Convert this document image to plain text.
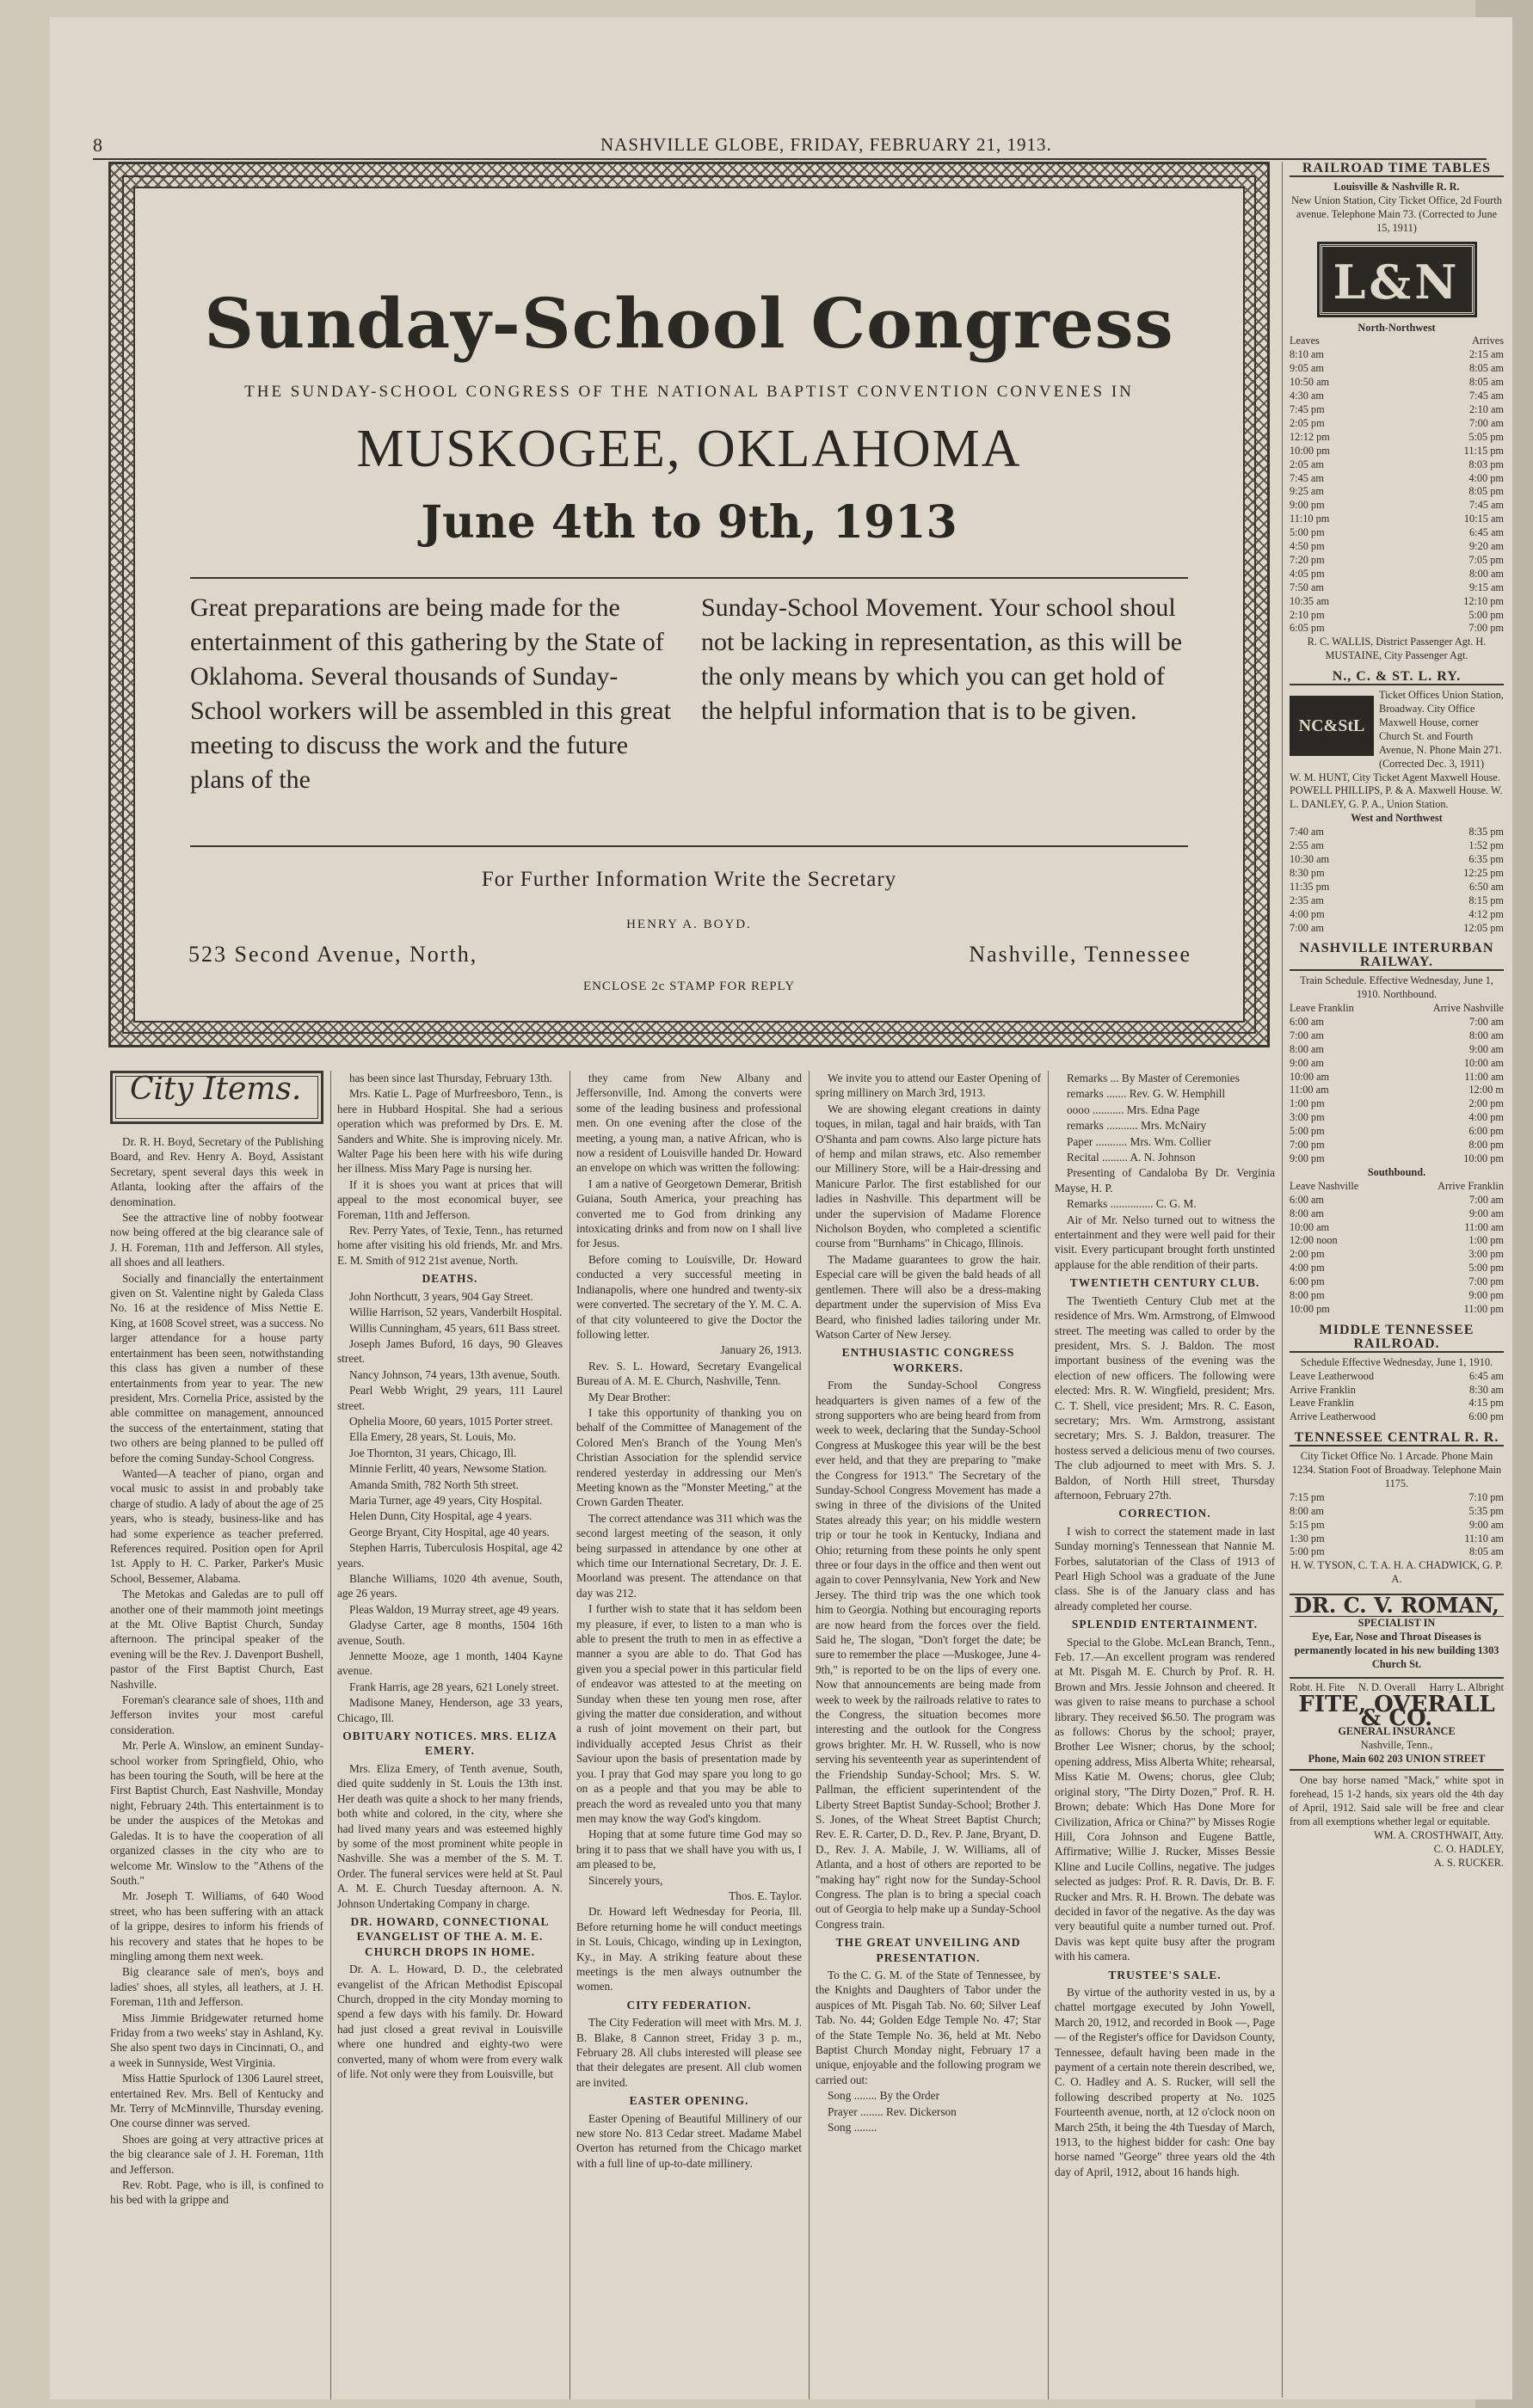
8	NASHVILLE GLOBE, FRIDAY, FEBRUARY 21, 1913.
Sunday-School Congress
THE SUNDAY-SCHOOL CONGRESS OF THE NATIONAL BAPTIST CONVENTION CONVENES IN
MUSKOGEE, OKLAHOMA
June 4th to 9th, 1913
Great preparations are being made for the entertainment of this gathering by the State of Oklahoma. Several thousands of Sunday-School workers will be assembled in this great meeting to discuss the work and the future plans of the
Sunday-School Movement. Your school shoul not be lacking in representation, as this will be the only means by which you can get hold of the helpful information that is to be given.
For Further Information Write the Secretary
HENRY A. BOYD.
523 Second Avenue, North,	Nashville, Tennessee
ENCLOSE 2c STAMP FOR REPLY
City Items.

Dr. R. H. Boyd, Secretary of the Publishing Board, and Rev. Henry A. Boyd, Assistant Secretary, spent several days this week in Atlanta, looking after the affairs of the denomination.

See the attractive line of nobby footwear now being offered at the big clearance sale of J. H. Foreman, 11th and Jefferson. All styles, all shoes and all leathers.

Socially and financially the entertainment given on St. Valentine night by Galeda Class No. 16 at the residence of Miss Nettie E. King, at 1608 Scovel street, was a success. No larger attendance for a house party entertainment has been seen, notwithstanding this class has given a number of these entertainments from year to year. The new president, Mrs. Cornelia Price, assisted by the able committee on management, announced the success of the entertainment, stating that two others are being planned to be pulled off before the coming Sunday-School Congress.

Wanted—A teacher of piano, organ and vocal music to assist in and probably take charge of studio. A lady of about the age of 25 years, who is steady, business-like and has had some experience as teacher preferred. References required. Position open for April 1st. Apply to H. C. Parker, Parker's Music School, Bessemer, Alabama.

The Metokas and Galedas are to pull off another one of their mammoth joint meetings at the Mt. Olive Baptist Church, Sunday afternoon. The principal speaker of the evening will be the Rev. J. Davenport Bushell, pastor of the First Baptist Church, East Nashville.

Foreman's clearance sale of shoes, 11th and Jefferson invites your most careful consideration.

Mr. Perle A. Winslow, an eminent Sunday-school worker from Springfield, Ohio, who has been touring the South, will be here at the First Baptist Church, East Nashville, Monday night, February 24th. This entertainment is to be under the auspices of the Metokas and Galedas. It is to have the cooperation of all organized classes in the city who are to welcome Mr. Winslow to the "Athens of the South."

Mr. Joseph T. Williams, of 640 Wood street, who has been suffering with an attack of la grippe, desires to inform his friends of his recovery and states that he hopes to be mingling among them next week.

Big clearance sale of men's, boys and ladies' shoes, all styles, all leathers, at J. H. Foreman, 11th and Jefferson.

Miss Jimmie Bridgewater returned home Friday from a two weeks' stay in Ashland, Ky. She also spent two days in Cincinnati, O., and a week in Sunnyside, West Virginia.

Miss Hattie Spurlock of 1306 Laurel street, entertained Rev. Mrs. Bell of Kentucky and Mr. Terry of McMinnville, Thursday evening. One course dinner was served.

Shoes are going at very attractive prices at the big clearance sale of J. H. Foreman, 11th and Jefferson.

Rev. Robt. Page, who is ill, is confined to his bed with la grippe and

has been since last Thursday, February 13th.

Mrs. Katie L. Page of Murfreesboro, Tenn., is here in Hubbard Hospital. She had a serious operation which was preformed by Drs. E. M. Sanders and White. She is improving nicely. Mr. Walter Page his been here with his wife during her illness. Miss Mary Page is nursing her.

If it is shoes you want at prices that will appeal to the most economical buyer, see Foreman, 11th and Jefferson.

Rev. Perry Yates, of Texie, Tenn., has returned home after visiting his old friends, Mr. and Mrs. E. M. Smith of 912 21st avenue, North.

DEATHS.

John Northcutt, 3 years, 904 Gay Street.

Willie Harrison, 52 years, Vanderbilt Hospital.

Willis Cunningham, 45 years, 611 Bass street.

Joseph James Buford, 16 days, 90 Gleaves street.

Nancy Johnson, 74 years, 13th avenue, South.

Pearl Webb Wright, 29 years, 111 Laurel street.

Ophelia Moore, 60 years, 1015 Porter street.

Ella Emery, 28 years, St. Louis, Mo.

Joe Thornton, 31 years, Chicago, Ill.

Minnie Ferlitt, 40 years, Newsome Station.

Amanda Smith, 782 North 5th street.

Maria Turner, age 49 years, City Hospital.

Helen Dunn, City Hospital, age 4 years.

George Bryant, City Hospital, age 40 years.

Stephen Harris, Tuberculosis Hospital, age 42 years.

Blanche Williams, 1020 4th avenue, South, age 26 years.

Pleas Waldon, 19 Murray street, age 49 years.

Gladyse Carter, age 8 months, 1504 16th avenue, South.

Jennette Mooze, age 1 month, 1404 Kayne avenue.

Frank Harris, age 28 years, 621 Lonely street.

Madisone Maney, Henderson, age 33 years, Chicago, Ill.

OBITUARY NOTICES. MRS. ELIZA EMERY.

Mrs. Eliza Emery, of Tenth avenue, South, died quite suddenly in St. Louis the 13th inst. Her death was quite a shock to her many friends, both white and colored, in the city, where she had lived many years and was esteemed highly by some of the most prominent white people in Nashville. She was a member of the S. M. T. Order. The funeral services were held at St. Paul A. M. E. Church Tuesday afternoon. A. N. Johnson Undertaking Company in charge.

DR. HOWARD, CONNECTIONAL EVANGELIST OF THE A. M. E. CHURCH DROPS IN HOME.

Dr. A. L. Howard, D. D., the celebrated evangelist of the African Methodist Episcopal Church, dropped in the city Monday morning to spend a few days with his family. Dr. Howard had just closed a great revival in Louisville where one hundred and eighty-two were converted, many of whom were from every walk of life. Not only were they from Louisville, but

they came from New Albany and Jeffersonville, Ind. Among the converts were some of the leading business and professional men. On one evening after the close of the meeting, a young man, a native African, who is now a resident of Louisville handed Dr. Howard an envelope on which was written the following:

I am a native of Georgetown Demerar, British Guiana, South America, your preaching has converted me to God from drinking any intoxicating drinks and from now on I shall live for Jesus.

Before coming to Louisville, Dr. Howard conducted a very successful meeting in Indianapolis, where one hundred and twenty-six were converted. The secretary of the Y. M. C. A. of that city volunteered to give the Doctor the following letter.

January 26, 1913.

Rev. S. L. Howard, Secretary Evangelical Bureau of A. M. E. Church, Nashville, Tenn.

My Dear Brother:

I take this opportunity of thanking you on behalf of the Committee of Management of the Colored Men's Branch of the Young Men's Christian Association for the splendid service rendered yesterday in addressing our Men's Meeting known as the "Monster Meeting," at the Crown Garden Theater.

The correct attendance was 311 which was the second largest meeting of the season, it only being surpassed in attendance by one other at which time our International Secretary, Dr. J. E. Moorland was present. The attendance on that day was 212.

I further wish to state that it has seldom been my pleasure, if ever, to listen to a man who is able to present the truth to men in as effective a manner a syou are able to do. That God has given you a special power in this particular field of endeavor was attested to at the meeting on Sunday when these ten young men rose, after giving the matter due consideration, and without a rush of joint movement on their part, but individually accepted Jesus Christ as their Saviour upon the basis of presentation made by you. I pray that God may spare you long to go on as a people and that you may be able to preach the word as revealed unto you that many men may know the way God's kingdom.

Hoping that at some future time God may so bring it to pass that we shall have you with us, I am pleased to be,

Sincerely yours,

Thos. E. Taylor.

Dr. Howard left Wednesday for Peoria, Ill. Before returning home he will conduct meetings in St. Louis, Chicago, winding up in Lexington, Ky., in May. A striking feature about these meetings is the men always outnumber the women.

CITY FEDERATION.

The City Federation will meet with Mrs. M. J. B. Blake, 8 Cannon street, Friday 3 p. m., February 28. All clubs interested will please see that their delegates are present. All club women are invited.

EASTER OPENING.

Easter Opening of Beautiful Millinery of our new store No. 813 Cedar street. Madame Mabel Overton has returned from the Chicago market with a full line of up-to-date millinery.

We invite you to attend our Easter Opening of spring millinery on March 3rd, 1913.

We are showing elegant creations in dainty toques, in milan, tagal and hair braids, with Tan O'Shanta and pam cowns. Also large picture hats of hemp and milan straws, etc. Also remember our Millinery Store, will be a Hair-dressing and Manicure Parlor. The first established for our ladies in Nashville. This department will be under the supervision of Madame Florence Nicholson Boyden, who completed a scientific course from "Burnhams" in Chicago, Illinois.

The Madame guarantees to grow the hair. Especial care will be given the bald heads of all gentlemen. There will also be a dress-making department under the supervision of Miss Eva Beard, who finished ladies tailoring under Mr. Watson Carter of New Jersey.

ENTHUSIASTIC CONGRESS WORKERS.

From the Sunday-School Congress headquarters is given names of a few of the strong supporters who are being heard from from week to week, declaring that the Sunday-School Congress at Muskogee this year will be the best ever held, and that they are preparing to "make the Congress for 1913." The Secretary of the Sunday-School Congress Movement has made a swing in three of the divisions of the United States already this year; on his middle western trip or tour he took in Kentucky, Indiana and Ohio; returning from these points he only spent three or four days in the office and then went out again to cover Pennsylvania, New York and New Jersey. The third trip was the one which took him to Georgia. Nothing but encouraging reports are now heard from the forces over the field. Said he, The slogan, "Don't forget the date; be sure to remember the place —Muskogee, June 4-9th," is reported to be on the lips of every one. Now that announcements are being made from week to week by the railroads relative to rates to the Congress, the situation becomes more interesting and the outlook for the Congress grows brighter. Mr. H. W. Russell, who is now serving his seventeenth year as superintendent of the Friendship Sunday-School; Mrs. S. W. Pallman, the efficient superintendent of the Liberty Street Baptist Sunday-School; Brother J. S. Jones, of the Wheat Street Baptist Church; Rev. E. R. Carter, D. D., Rev. P. Jane, Bryant, D. D., Rev. J. A. Mabile, J. W. Williams, all of Atlanta, and a host of others are reported to be "making hay" right now for the Sunday-School Congress. The plan is to bring a special coach out of Georgia to help make up a Sunday-School Congress train.

THE GREAT UNVEILING AND PRESENTATION.

To the C. G. M. of the State of Tennessee, by the Knights and Daughters of Tabor under the auspices of Mt. Pisgah Tab. No. 60; Silver Leaf Tab. No. 44; Golden Edge Temple No. 47; Star of the State Temple No. 36, held at Mt. Nebo Baptist Church Monday night, February 17 a unique, enjoyable and the following program we carried out:

Song ........ By the Order

Prayer ........ Rev. Dickerson

Song ........

Remarks ... By Master of Ceremonies

remarks ....... Rev. G. W. Hemphill

oooo ........... Mrs. Edna Page

remarks ........... Mrs. McNairy

Paper ........... Mrs. Wm. Collier

Recital ......... A. N. Johnson

Presenting of Candaloba By Dr. Verginia Mayse, H. P.

Remarks ............... C. G. M.

Air of Mr. Nelso turned out to witness the entertainment and they were well paid for their visit. Every particupant brought forth unstinted applause for the able rendition of their parts.

TWENTIETH CENTURY CLUB.

The Twentieth Century Club met at the residence of Mrs. Wm. Armstrong, of Elmwood street. The meeting was called to order by the president, Mrs. S. J. Baldon. The most important business of the evening was the election of new officers. The following were elected: Mrs. R. W. Wingfield, president; Mrs. C. T. Shell, vice president; Mrs. R. C. Eason, secretary; Mrs. Wm. Armstrong, assistant secretary; Mrs. S. J. Baldon, treasurer. The hostess served a delicious menu of two courses. The club adjourned to meet with Mrs. S. J. Baldon, of North Hill street, Thursday afternoon, February 27th.

CORRECTION.

I wish to correct the statement made in last Sunday morning's Tennessean that Nannie M. Forbes, salutatorian of the Class of 1913 of Pearl High School was a graduate of the June class. She is of the January class and has already completed her course.

SPLENDID ENTERTAINMENT.

Special to the Globe. McLean Branch, Tenn., Feb. 17.—An excellent program was rendered at Mt. Pisgah M. E. Church by Prof. R. H. Brown and Mrs. Jessie Johnson and cheered. It was given to raise means to purchase a school library. They received $6.50. The program was as follows: Chorus by the school; prayer, Brother Lee Wisner; chorus, by the school; opening address, Miss Alberta White; rehearsal, Miss Katie M. Owens; chorus, glee Club; original story, "The Dirty Dozen," Prof. R. H. Brown; debate: Which Has Done More for Civilization, Africa or China?" by Misses Rogie Hill, Cora Johnson and Eugene Battle, Affirmative; Willie J. Rucker, Misses Bessie Kline and Lucile Collins, negative. The judges selected as judges: Prof. R. R. Davis, Dr. B. F. Rucker and Mrs. R. H. Brown. The debate was decided in favor of the negative. As the day was very beautiful quite a number turned out. Prof. Davis was kept quite busy after the program with his camera.

TRUSTEE'S SALE.

By virtue of the authority vested in us, by a chattel mortgage executed by John Yowell, March 20, 1912, and recorded in Book —, Page — of the Register's office for Davidson County, Tennessee, default having been made in the payment of a certain note therein described, we, C. O. Hadley and A. S. Rucker, will sell the following described property at No. 1025 Fourteenth avenue, north, at 12 o'clock noon on March 25th, it being the 4th Tuesday of March, 1913, to the highest bidder for cash: One bay horse named "George" three years old the 4th day of April, 1912, about 16 hands high.

RAILROAD TIME TABLES
Louisville & Nashville R. R.
New Union Station, City Ticket Office, 2d Fourth avenue. Telephone Main 73. (Corrected to June 15, 1911)
L&N
North-Northwest
Leaves	Arrives
8:10 am	2:15 am
9:05 am	8:05 am
10:50 am	8:05 am
4:30 am	7:45 am
7:45 pm	2:10 am
2:05 pm	7:00 am
12:12 pm	5:05 pm
10:00 pm	11:15 pm
2:05 am	8:03 pm
7:45 am	4:00 pm
9:25 am	8:05 pm
9:00 pm	7:45 am
11:10 pm	10:15 am
5:00 pm	6:45 am
4:50 pm	9:20 am
7:20 pm	7:05 pm
4:05 pm	8:00 am
7:50 am	9:15 am
10:35 am	12:10 pm
2:10 pm	5:00 pm
6:05 pm	7:00 pm
R. C. WALLIS, District Passenger Agt. H. MUSTAINE, City Passenger Agt.
N., C. & ST. L. RY.
NC&StL
Ticket Offices Union Station, Broadway. City Office Maxwell House, corner Church St. and Fourth Avenue, N. Phone Main 271. (Corrected Dec. 3, 1911)
W. M. HUNT, City Ticket Agent Maxwell House. POWELL PHILLIPS, P. & A. Maxwell House. W. L. DANLEY, G. P. A., Union Station.
West and Northwest
7:40 am	8:35 pm
2:55 am	1:52 pm
10:30 am	6:35 pm
8:30 pm	12:25 pm
11:35 pm	6:50 am
2:35 am	8:15 pm
4:00 pm	4:12 pm
7:00 am	12:05 pm
NASHVILLE INTERURBAN RAILWAY.
Train Schedule. Effective Wednesday, June 1, 1910. Northbound.
Leave Franklin	Arrive Nashville
6:00 am	7:00 am
7:00 am	8:00 am
8:00 am	9:00 am
9:00 am	10:00 am
10:00 am	11:00 am
11:00 am	12:00 m
1:00 pm	2:00 pm
3:00 pm	4:00 pm
5:00 pm	6:00 pm
7:00 pm	8:00 pm
9:00 pm	10:00 pm
Southbound.
Leave Nashville	Arrive Franklin
6:00 am	7:00 am
8:00 am	9:00 am
10:00 am	11:00 am
12:00 noon	1:00 pm
2:00 pm	3:00 pm
4:00 pm	5:00 pm
6:00 pm	7:00 pm
8:00 pm	9:00 pm
10:00 pm	11:00 pm
MIDDLE TENNESSEE RAILROAD.
Schedule Effective Wednesday, June 1, 1910.
Leave Leatherwood	6:45 am
Arrive Franklin	8:30 am
Leave Franklin	4:15 pm
Arrive Leatherwood	6:00 pm
TENNESSEE CENTRAL R. R.
City Ticket Office No. 1 Arcade. Phone Main 1234. Station Foot of Broadway. Telephone Main 1175.
7:15 pm	7:10 pm
8:00 am	5:35 pm
5:15 pm	9:00 am
1:30 pm	11:10 am
5:00 pm	8:05 am
H. W. TYSON, C. T. A. H. A. CHADWICK, G. P. A.
DR. C. V. ROMAN,
SPECIALIST IN
Eye, Ear, Nose and Throat Diseases is permanently located in his new building 1303 Church St.
Robt. H. Fite N. D. Overall Harry L. Albright
FITE, OVERALL & CO.
GENERAL INSURANCE
Nashville, Tenn.,
Phone, Main 602 203 UNION STREET
One bay horse named "Mack," white spot in forehead, 15 1-2 hands, six years old the 4th day of April, 1912. Said sale will be free and clear from all exemptions whether legal or equitable.
WM. A. CROSTHWAIT, Atty.
C. O. HADLEY,
A. S. RUCKER.
